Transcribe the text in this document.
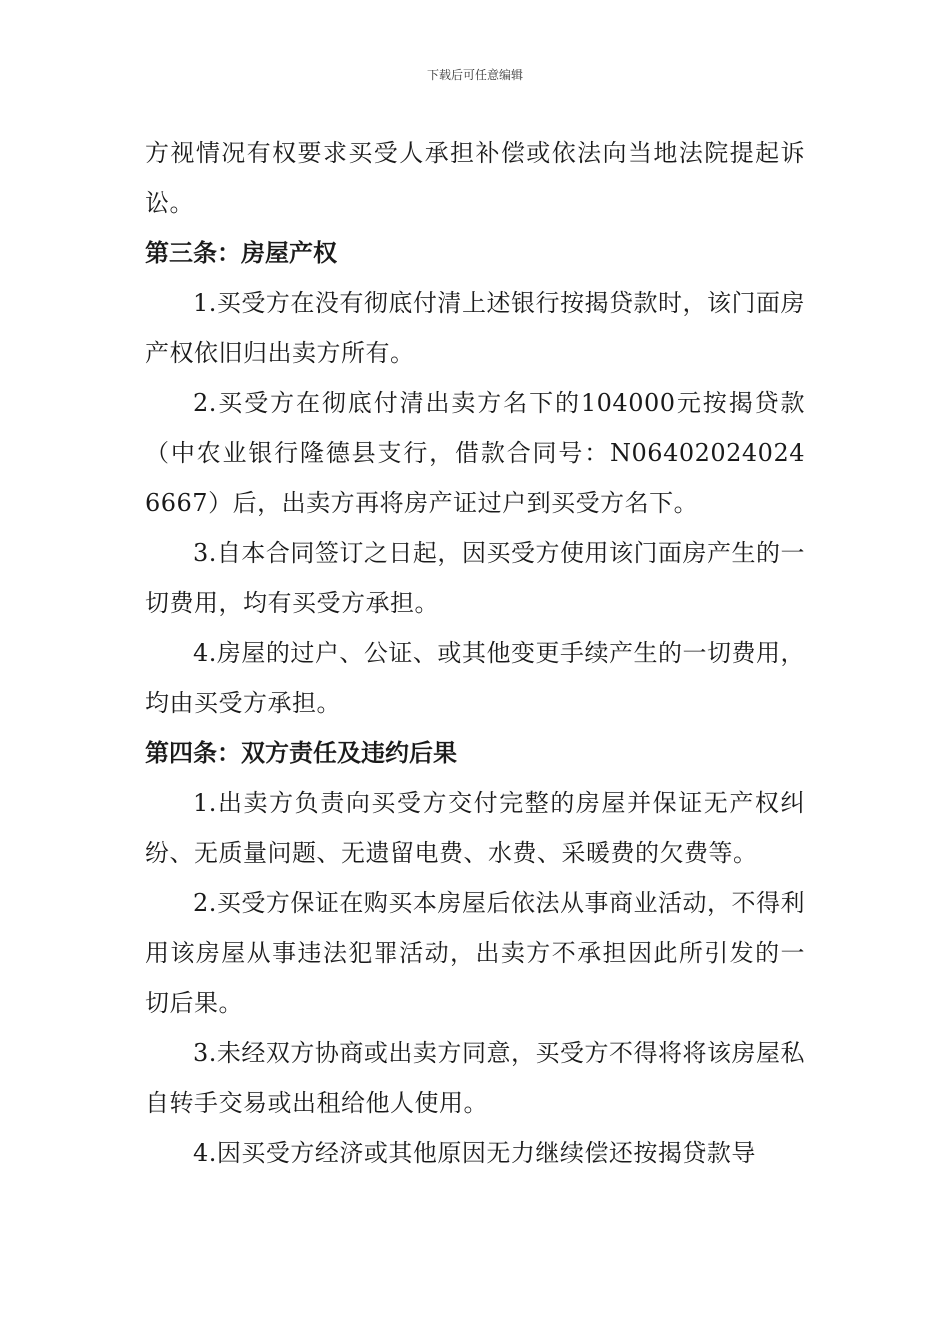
下载后可任意编辑

方视情况有权要求买受人承担补偿或依法向当地法院提起诉讼。

第三条：房屋产权

1.买受方在没有彻底付清上述银行按揭贷款时，该门面房产权依旧归出卖方所有。

2.买受方在彻底付清出卖方名下的104000元按揭贷款（中农业银行隆德县支行，借款合同号：N06402024024 6667）后，出卖方再将房产证过户到买受方名下。

3.自本合同签订之日起，因买受方使用该门面房产生的一切费用，均有买受方承担。

4.房屋的过户、公证、或其他变更手续产生的一切费用，均由买受方承担。

第四条：双方责任及违约后果

1.出卖方负责向买受方交付完整的房屋并保证无产权纠纷、无质量问题、无遗留电费、水费、采暖费的欠费等。

2.买受方保证在购买本房屋后依法从事商业活动，不得利用该房屋从事违法犯罪活动，出卖方不承担因此所引发的一切后果。

3.未经双方协商或出卖方同意，买受方不得将将该房屋私自转手交易或出租给他人使用。

4.因买受方经济或其他原因无力继续偿还按揭贷款导
